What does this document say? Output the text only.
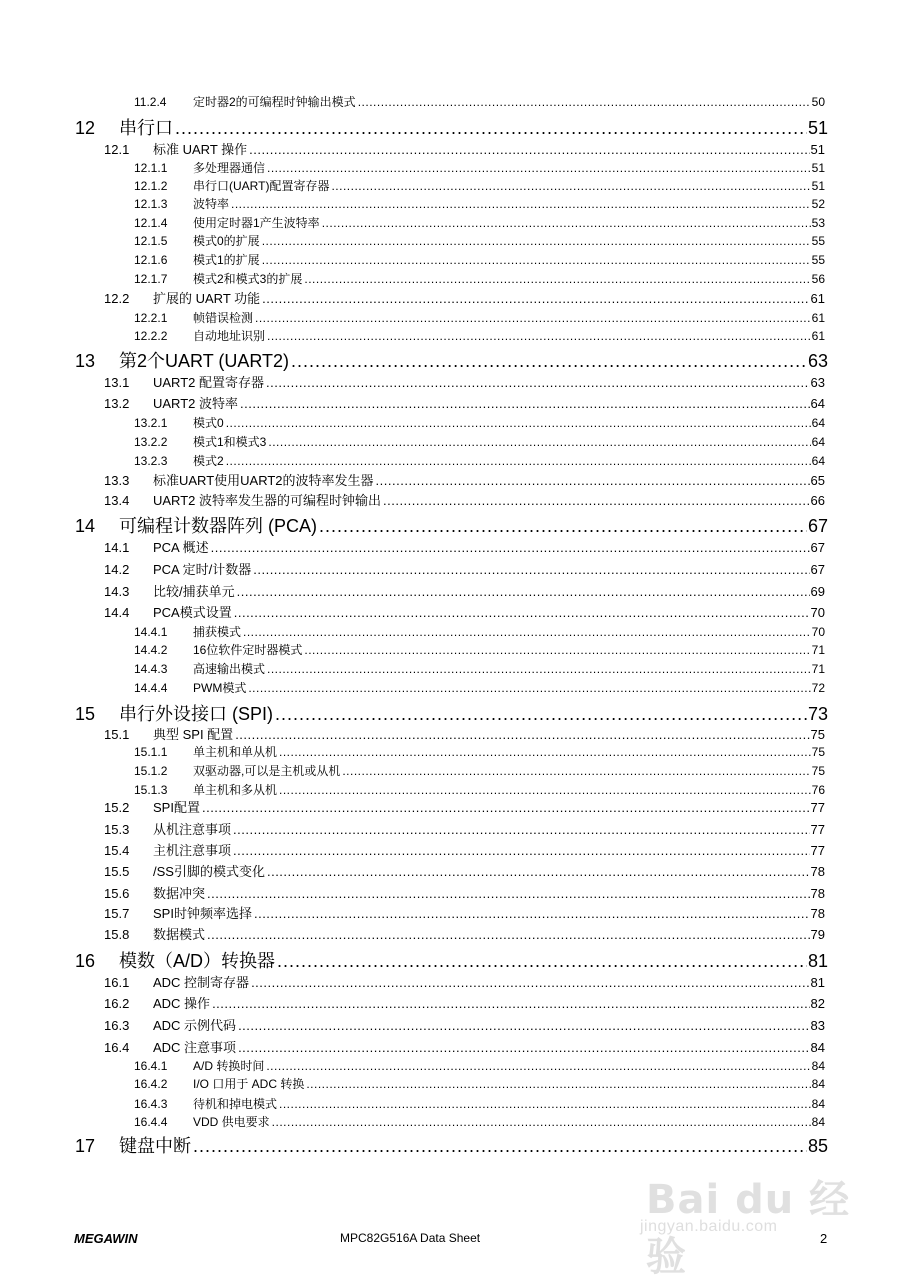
11.2.4 定时器2的可编程时钟输出模式 .....	50
12 串行口 .....	51
12.1 标准 UART 操作 .....	51
12.1.1 多处理器通信 .....	51
12.1.2 串行口(UART)配置寄存器 .....	51
12.1.3 波特率 .....	52
12.1.4 使用定时器1产生波特率 .....	53
12.1.5 模式0的扩展 .....	55
12.1.6 模式1的扩展 .....	55
12.1.7 模式2和模式3的扩展 .....	56
12.2 扩展的 UART 功能 .....	61
12.2.1 帧错误检测 .....	61
12.2.2 自动地址识别 .....	61
13 第2个UART (UART2) .....	63
13.1 UART2 配置寄存器 .....	63
13.2 UART2 波特率 .....	64
13.2.1 模式0 .....	64
13.2.2 模式1和模式3 .....	64
13.2.3 模式2 .....	64
13.3 标准UART使用UART2的波特率发生器 .....	65
13.4 UART2 波特率发生器的可编程时钟输出 .....	66
14 可编程计数器阵列 (PCA) .....	67
14.1 PCA 概述 .....	67
14.2 PCA 定时/计数器 .....	67
14.3 比较/捕获单元 .....	69
14.4 PCA模式设置 .....	70
14.4.1 捕获模式 .....	70
14.4.2 16位软件定时器模式 .....	71
14.4.3 高速输出模式 .....	71
14.4.4 PWM模式 .....	72
15 串行外设接口 (SPI) .....	73
15.1 典型 SPI 配置 .....	75
15.1.1 单主机和单从机 .....	75
15.1.2 双驱动器,可以是主机或从机 .....	75
15.1.3 单主机和多从机 .....	76
15.2 SPI配置 .....	77
15.3 从机注意事项 .....	77
15.4 主机注意事项 .....	77
15.5 /SS引脚的模式变化 .....	78
15.6 数据冲突 .....	78
15.7 SPI时钟频率选择 .....	78
15.8 数据模式 .....	79
16 模数（A/D）转换器 .....	81
16.1 ADC 控制寄存器 .....	81
16.2 ADC 操作 .....	82
16.3 ADC 示例代码 .....	83
16.4 ADC 注意事项 .....	84
16.4.1 A/D 转换时间 .....	84
16.4.2 I/O 口用于 ADC 转换 .....	84
16.4.3 待机和掉电模式 .....	84
16.4.4 VDD 供电要求 .....	84
17 键盘中断 .....	85
MEGAWIN	MPC82G516A Data Sheet	2
Bai du 经验
jingyan.baidu.com
